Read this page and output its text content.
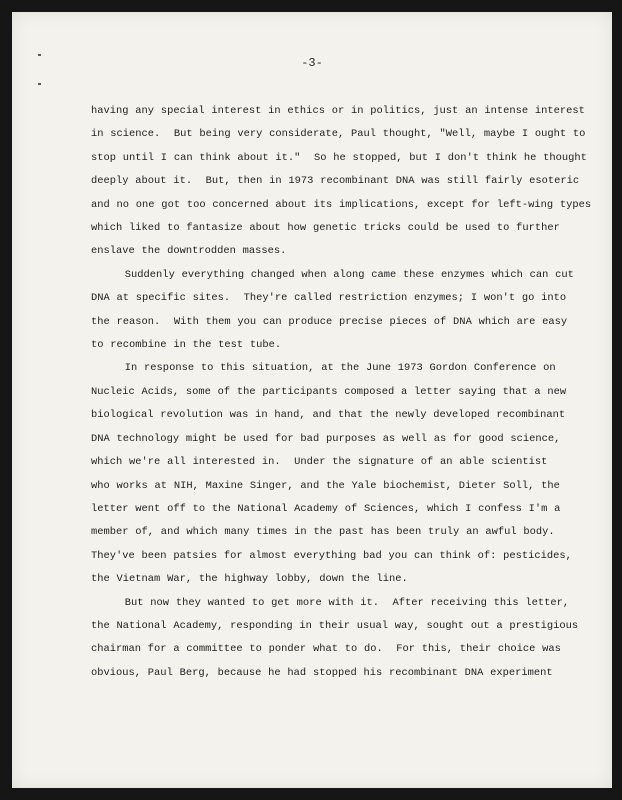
-3-
having any special interest in ethics or in politics, just an intense interest
in science.  But being very considerate, Paul thought, "Well, maybe I ought to
stop until I can think about it."  So he stopped, but I don't think he thought
deeply about it.  But, then in 1973 recombinant DNA was still fairly esoteric
and no one got too concerned about its implications, except for left-wing types
which liked to fantasize about how genetic tricks could be used to further
enslave the downtrodden masses.
Suddenly everything changed when along came these enzymes which can cut
DNA at specific sites.  They're called restriction enzymes; I won't go into
the reason.  With them you can produce precise pieces of DNA which are easy
to recombine in the test tube.
In response to this situation, at the June 1973 Gordon Conference on
Nucleic Acids, some of the participants composed a letter saying that a new
biological revolution was in hand, and that the newly developed recombinant
DNA technology might be used for bad purposes as well as for good science,
which we're all interested in.  Under the signature of an able scientist
who works at NIH, Maxine Singer, and the Yale biochemist, Dieter Soll, the
letter went off to the National Academy of Sciences, which I confess I'm a
member of, and which many times in the past has been truly an awful body.
They've been patsies for almost everything bad you can think of: pesticides,
the Vietnam War, the highway lobby, down the line.
But now they wanted to get more with it.  After receiving this letter,
the National Academy, responding in their usual way, sought out a prestigious
chairman for a committee to ponder what to do.  For this, their choice was
obvious, Paul Berg, because he had stopped his recombinant DNA experiment
